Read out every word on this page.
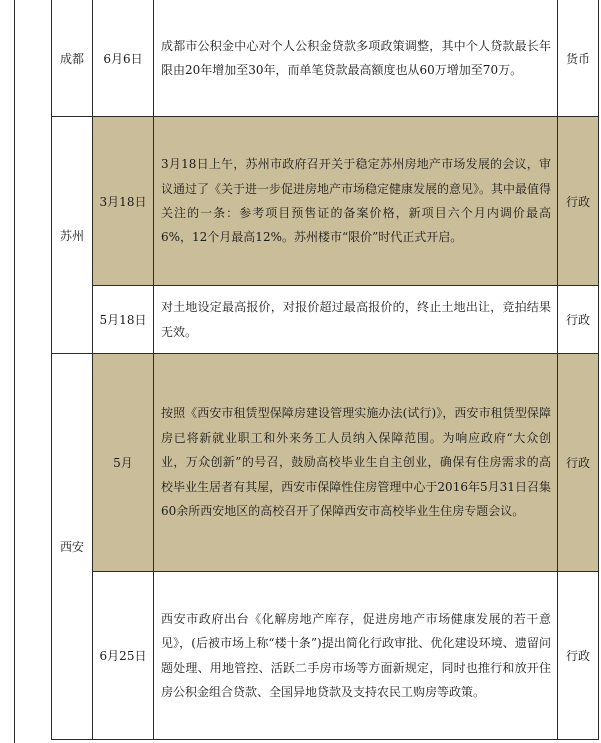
成都	6月6日	成都市公积金中心对个人公积金贷款多项政策调整，其中个人贷款最长年限由20年增加至30年，而单笔贷款最高额度也从60万增加至70万。	货币
苏州	3月18日	3月18日上午，苏州市政府召开关于稳定苏州房地产市场发展的会议，审议通过了《关于进一步促进房地产市场稳定健康发展的意见》。其中最值得关注的一条：参考项目预售证的备案价格，新项目六个月内调价最高6%，12个月最高12%。苏州楼市“限价”时代正式开启。	行政
	5月18日	对土地设定最高报价，对报价超过最高报价的，终止土地出让，竞拍结果无效。	行政
西安	5月	按照《西安市租赁型保障房建设管理实施办法(试行)》，西安市租赁型保障房已将新就业职工和外来务工人员纳入保障范围。为响应政府“大众创业，万众创新”的号召，鼓励高校毕业生自主创业，确保有住房需求的高校毕业生居者有其屋，西安市保障性住房管理中心于2016年5月31日召集60余所西安地区的高校召开了保障西安市高校毕业生住房专题会议。	行政
	6月25日	西安市政府出台《化解房地产库存，促进房地产市场健康发展的若干意见》，(后被市场上称“楼十条”)提出简化行政审批、优化建设环境、遗留问题处理、用地管控、活跃二手房市场等方面新规定，同时也推行和放开住房公积金组合贷款、全国异地贷款及支持农民工购房等政策。	行政
